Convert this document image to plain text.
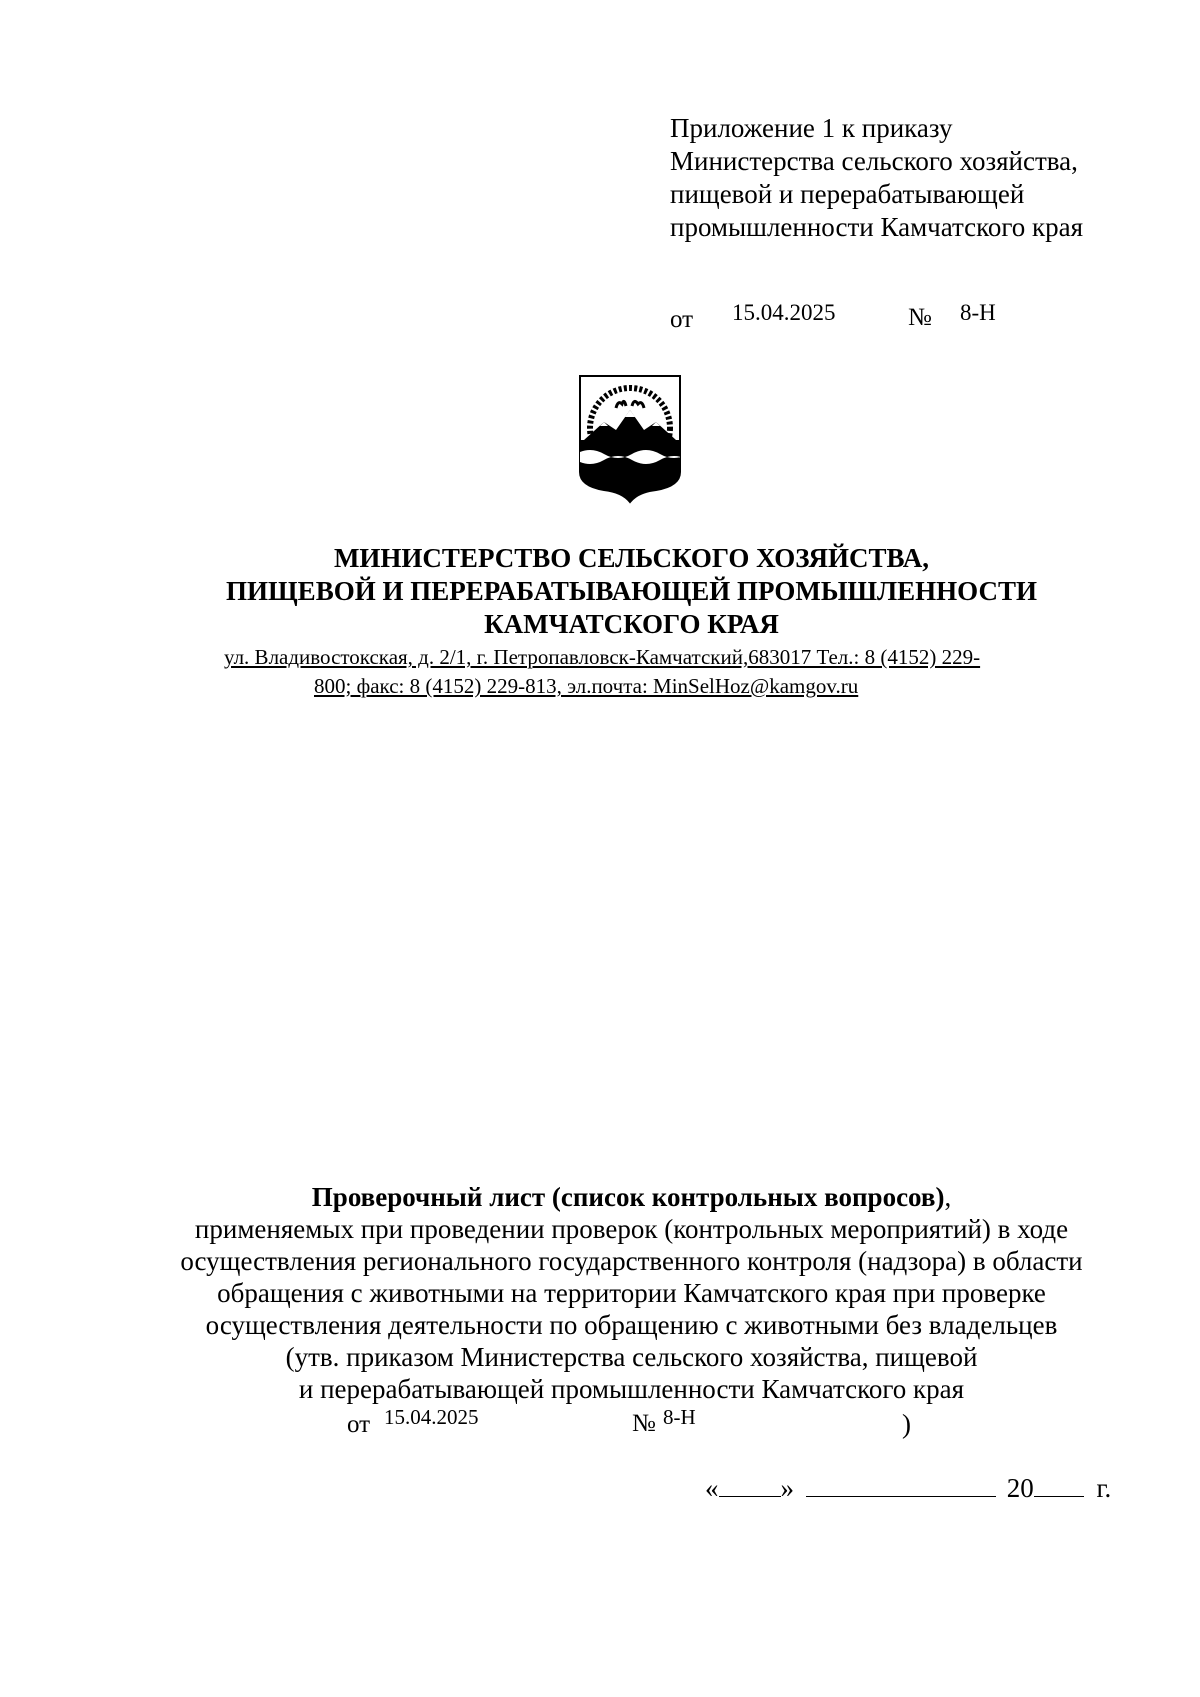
Приложение 1 к приказу
Министерства сельского хозяйства,
пищевой и перерабатывающей
промышленности Камчатского края
от 15.04.2025	№ 8-Н
МИНИСТЕРСТВО СЕЛЬСКОГО ХОЗЯЙСТВА,
ПИЩЕВОЙ И ПЕРЕРАБАТЫВАЮЩЕЙ ПРОМЫШЛЕННОСТИ
КАМЧАТСКОГО КРАЯ
ул. Владивостокская, д. 2/1, г. Петропавловск-Камчатский,683017 Тел.: 8 (4152) 229-
800; факс: 8 (4152) 229-813, эл.почта: MinSelHoz@kamgov.ru
Проверочный лист (список контрольных вопросов),
применяемых при проведении проверок (контрольных мероприятий) в ходе
осуществления регионального государственного контроля (надзора) в области
обращения с животными на территории Камчатского края при проверке
осуществления деятельности по обращению с животными без владельцев
(утв. приказом Министерства сельского хозяйства, пищевой
и перерабатывающей промышленности Камчатского края
от 15.04.2025	№ 8-Н	)
« »	20 г.
